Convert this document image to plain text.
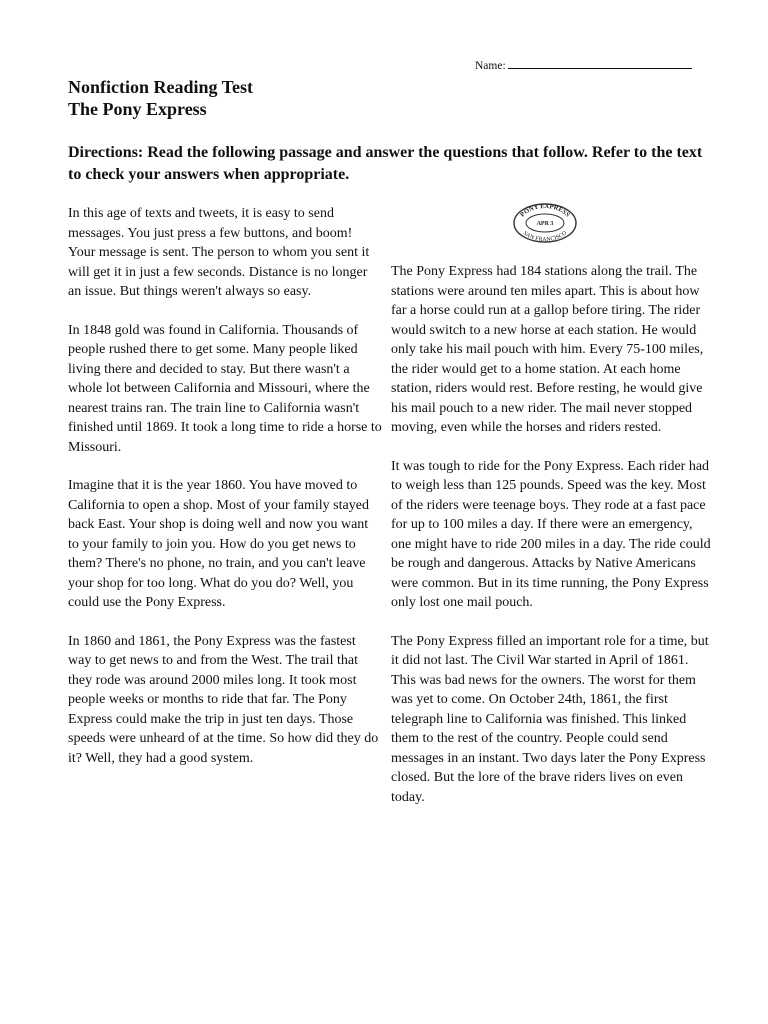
Name:
Nonfiction Reading Test
The Pony Express
Directions: Read the following passage and answer the questions that follow. Refer to the text to check your answers when appropriate.
PONY EXPRESS
APR 3
SAN FRANCISCO

In this age of texts and tweets, it is easy to send messages. You just press a few buttons, and boom! Your message is sent. The person to whom you sent it will get it in just a few seconds. Distance is no longer an issue. But things weren't always so easy.

In 1848 gold was found in California. Thousands of people rushed there to get some. Many people liked living there and decided to stay. But there wasn't a whole lot between California and Missouri, where the nearest trains ran. The train line to California wasn't finished until 1869. It took a long time to ride a horse to Missouri.

Imagine that it is the year 1860. You have moved to California to open a shop. Most of your family stayed back East. Your shop is doing well and now you want to your family to join you. How do you get news to them? There's no phone, no train, and you can't leave your shop for too long. What do you do? Well, you could use the Pony Express.

In 1860 and 1861, the Pony Express was the fastest way to get news to and from the West. The trail that they rode was around 2000 miles long. It took most people weeks or months to ride that far. The Pony Express could make the trip in just ten days. Those speeds were unheard of at the time. So how did they do it? Well, they had a good system.

The Pony Express had 184 stations along the trail. The stations were around ten miles apart. This is about how far a horse could run at a gallop before tiring. The rider would switch to a new horse at each station. He would only take his mail pouch with him. Every 75-100 miles, the rider would get to a home station. At each home station, riders would rest. Before resting, he would give his mail pouch to a new rider. The mail never stopped moving, even while the horses and riders rested.

It was tough to ride for the Pony Express. Each rider had to weigh less than 125 pounds. Speed was the key. Most of the riders were teenage boys. They rode at a fast pace for up to 100 miles a day. If there were an emergency, one might have to ride 200 miles in a day. The ride could be rough and dangerous. Attacks by Native Americans were common. But in its time running, the Pony Express only lost one mail pouch.

The Pony Express filled an important role for a time, but it did not last. The Civil War started in April of 1861. This was bad news for the owners. The worst for them was yet to come. On October 24th, 1861, the first telegraph line to California was finished. This linked them to the rest of the country. People could send messages in an instant. Two days later the Pony Express closed. But the lore of the brave riders lives on even today.
